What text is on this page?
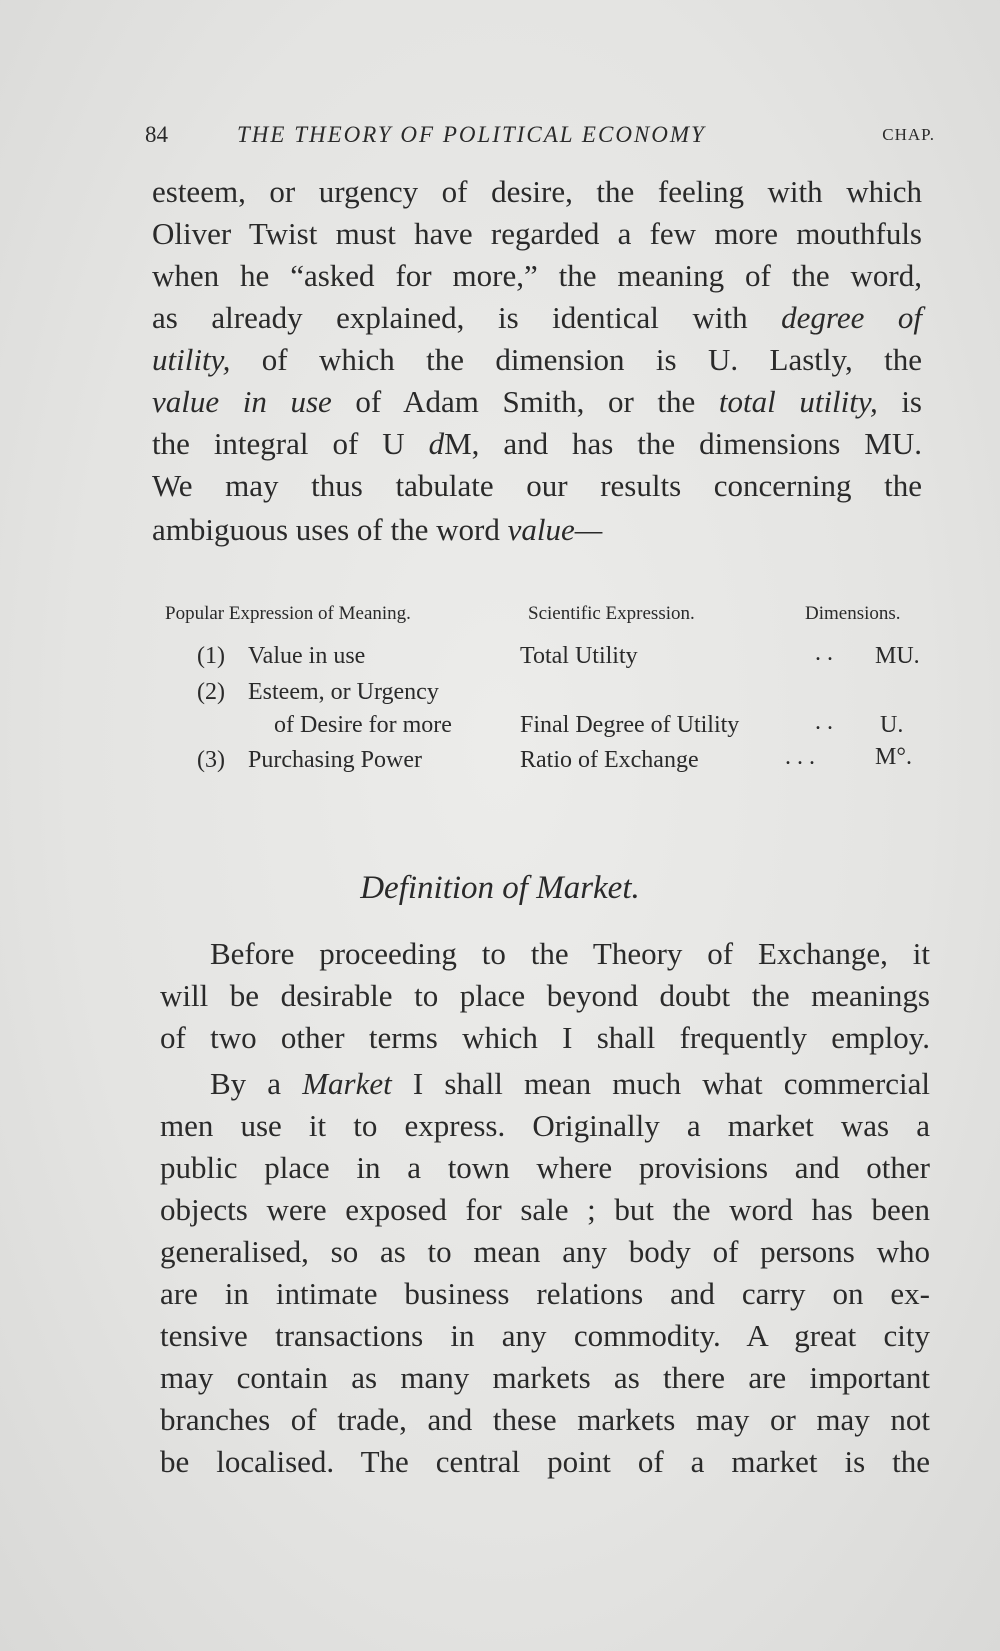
84	THE THEORY OF POLITICAL ECONOMY	CHAP.
esteem, or urgency of desire, the feeling with which
Oliver Twist must have regarded a few more mouthfuls
when he “asked for more,” the meaning of the word,
as already explained, is identical with degree of
utility, of which the dimension is U. Lastly, the
value in use of Adam Smith, or the total utility, is
the integral of U dM, and has the dimensions MU.
We may thus tabulate our results concerning the
ambiguous uses of the word value—
Popular Expression of Meaning.	Scientific Expression.	Dimensions.
(1) Value in use	Total Utility	. . MU.
(2) Esteem, or Urgency
of Desire for more	Final Degree of Utility	. . U.
(3) Purchasing Power	Ratio of Exchange	. . .	M°.
Definition of Market.
Before proceeding to the Theory of Exchange, it
will be desirable to place beyond doubt the meanings
of two other terms which I shall frequently employ.
By a Market I shall mean much what commercial
men use it to express. Originally a market was a
public place in a town where provisions and other
objects were exposed for sale ; but the word has been
generalised, so as to mean any body of persons who
are in intimate business relations and carry on ex-
tensive transactions in any commodity. A great city
may contain as many markets as there are important
branches of trade, and these markets may or may not
be localised. The central point of a market is the
